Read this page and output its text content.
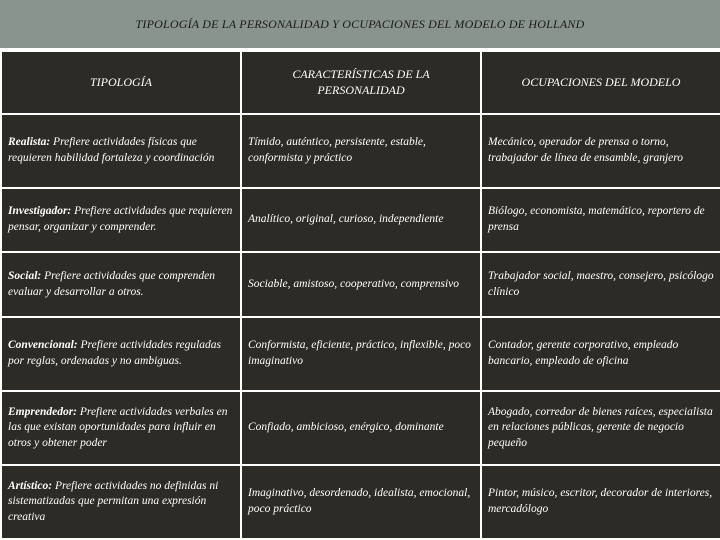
TIPOLOGÍA DE LA PERSONALIDAD Y OCUPACIONES DEL MODELO DE HOLLAND
TIPOLOGÍA	CARACTERÍSTICAS DE LA PERSONALIDAD	OCUPACIONES DEL MODELO
Realista: Prefiere actividades físicas que requieren habilidad fortaleza y coordinación	Tímido, auténtico, persistente, estable, conformista y práctico	Mecánico, operador de prensa o torno, trabajador de línea de ensamble, granjero
Investigador: Prefiere actividades que requieren pensar, organizar y comprender.	Analítico, original, curioso, independiente	Biólogo, economista, matemático, reportero de prensa
Social: Prefiere actividades que comprenden evaluar y desarrollar a otros.	Sociable, amistoso, cooperativo, comprensivo	Trabajador social, maestro, consejero, psicólogo clínico
Convencional: Prefiere actividades reguladas por reglas, ordenadas y no ambiguas.	Conformista, eficiente, práctico, inflexible, poco imaginativo	Contador, gerente corporativo, empleado bancario, empleado de oficina
Emprendedor: Prefiere actividades verbales en las que existan oportunidades para influir en otros y obtener poder	Confiado, ambicioso, enérgico, dominante	Abogado, corredor de bienes raíces, especialista en relaciones públicas, gerente de negocio pequeño
Artístico: Prefiere actividades no definidas ni sistematizadas que permitan una expresión creativa	Imaginativo, desordenado, idealista, emocional, poco práctico	Pintor, músico, escritor, decorador de interiores, mercadólogo
